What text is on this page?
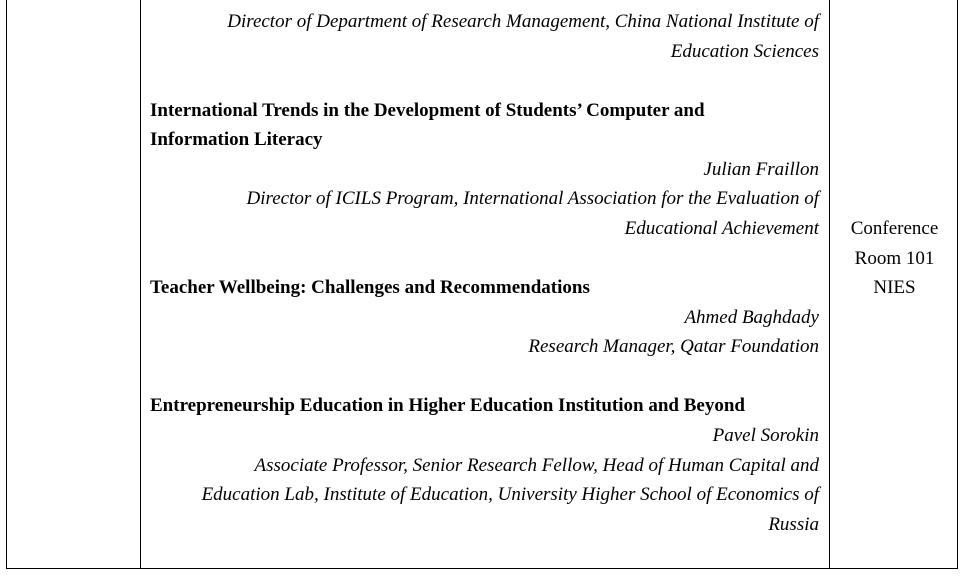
Director of Department of Research Management, China National Institute of
Education Sciences
International Trends in the Development of Students’ Computer and
Information Literacy
Julian Fraillon
Director of ICILS Program, International Association for the Evaluation of
Educational Achievement
Teacher Wellbeing: Challenges and Recommendations
Ahmed Baghdady
Research Manager, Qatar Foundation
Entrepreneurship Education in Higher Education Institution and Beyond
Pavel Sorokin
Associate Professor, Senior Research Fellow, Head of Human Capital and
Education Lab, Institute of Education, University Higher School of Economics of
Russia
Conference
Room 101
NIES
